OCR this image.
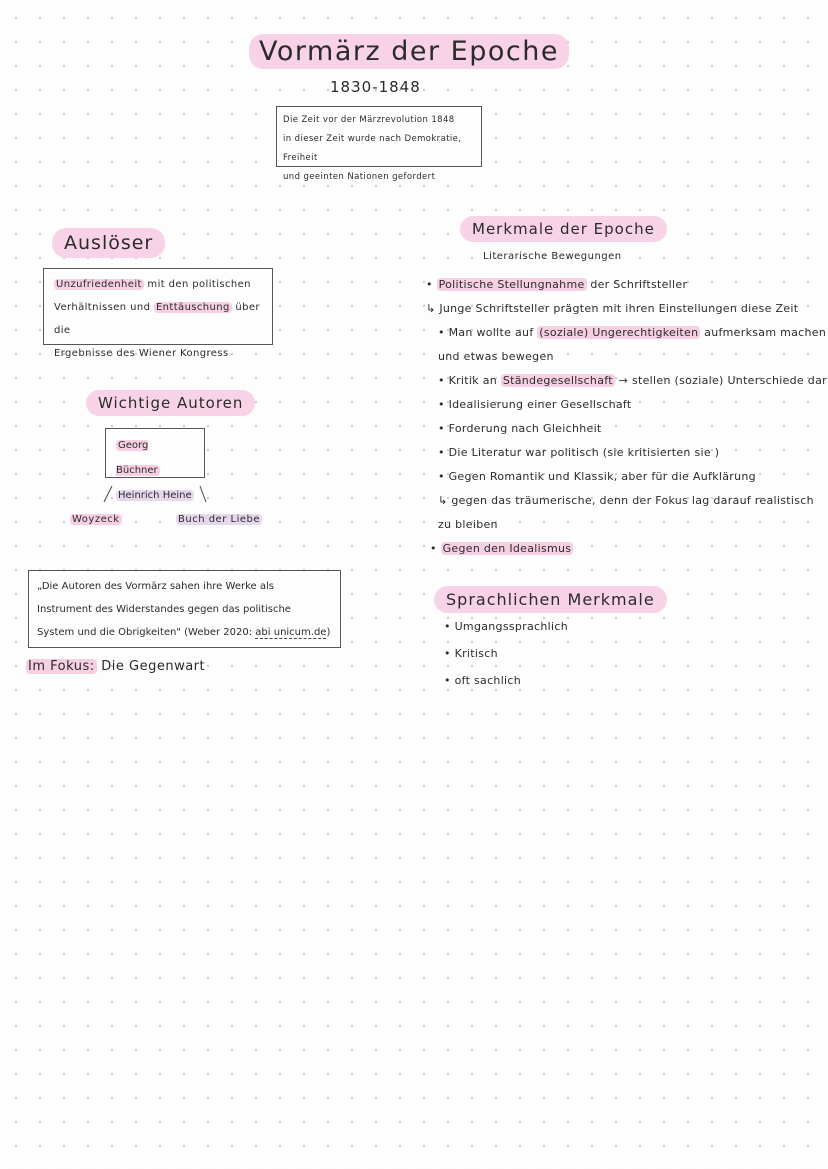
Vormärz der Epoche
1830-1848
Die Zeit vor der Märzrevolution 1848
in dieser Zeit wurde nach Demokratie, Freiheit
und geeinten Nationen gefordert
Auslöser
Unzufriedenheit mit den politischen
Verhältnissen und Enttäuschung über die
Ergebnisse des Wiener Kongress
Wichtige Autoren
Georg Büchner
Heinrich Heine
Woyzeck	Buch der Liebe
„Die Autoren des Vormärz sahen ihre Werke als
Instrument des Widerstandes gegen das politische
System und die Obrigkeiten" (Weber 2020: abi unicum.de)
Im Fokus: Die Gegenwart
Merkmale der Epoche
Literarische Bewegungen
• Politische Stellungnahme der Schriftsteller
↳ Junge Schriftsteller prägten mit ihren Einstellungen diese Zeit
• Man wollte auf (soziale) Ungerechtigkeiten aufmerksam machen
und etwas bewegen
• Kritik an Ständegesellschaft → stellen (soziale) Unterschiede dar
• Idealisierung einer Gesellschaft
• Forderung nach Gleichheit
• Die Literatur war politisch (sie kritisierten sie )
• Gegen Romantik und Klassik, aber für die Aufklärung
↳ gegen das träumerische, denn der Fokus lag darauf realistisch
zu bleiben
• Gegen den Idealismus
Sprachlichen Merkmale
• Umgangssprachlich
• Kritisch
• oft sachlich
